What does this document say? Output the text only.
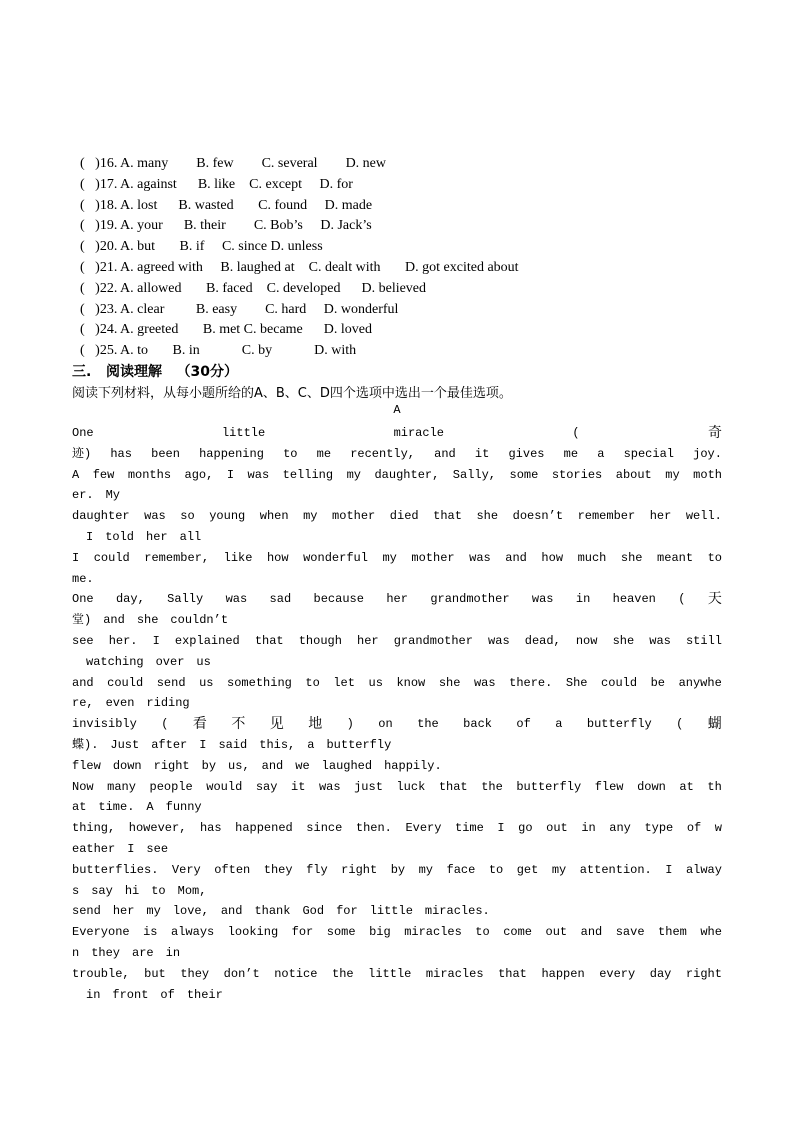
(   )16. A. many        B. few        C. several        D. new
(   )17. A. against      B. like    C. except     D. for
(   )18. A. lost      B. wasted       C. found     D. made
(   )19. A. your      B. their        C. Bob’s     D. Jack’s
(   )20. A. but       B. if     C. since D. unless
(   )21. A. agreed with     B. laughed at    C. dealt with       D. got excited about
(   )22. A. allowed       B. faced    C. developed      D. believed
(   )23. A. clear         B. easy        C. hard     D. wonderful
(   )24. A. greeted       B. met C. became      D. loved
(   )25. A. to       B. in            C. by            D. with
三.   阅读理解   （30分）
阅读下列材料，从每小题所给的A、B、C、D四个选项中选出一个最佳选项。
A
One	little	miracle	(	奇
迹) has been happening to me recently, and it gives me a special joy.
A few months ago, I was telling my daughter, Sally, some stories about my moth
er. My
daughter was so young when my mother died that she doesn’t remember her well.
I told her all
I could remember, like how wonderful my mother was and how much she meant to
me.
One day, Sally was sad because her grandmother was in heaven ( 天
堂) and she couldn’t
see her. I explained that though her grandmother was dead, now she was still
watching over us
and could send us something to let us know she was there. She could be anywhe
re, even riding
invisibly ( 看 不 见 地 ) on the back of a butterfly ( 蝴
蝶). Just after I said this, a butterfly
flew down right by us, and we laughed happily.
Now many people would say it was just luck that the butterfly flew down at th
at time. A funny
thing, however, has happened since then. Every time I go out in any type of w
eather I see
butterflies. Very often they fly right by my face to get my attention. I alway
s say hi to Mom,
send her my love, and thank God for little miracles.
Everyone is always looking for some big miracles to come out and save them whe
n they are in
trouble, but they don’t notice the little miracles that happen every day right
in front of their
